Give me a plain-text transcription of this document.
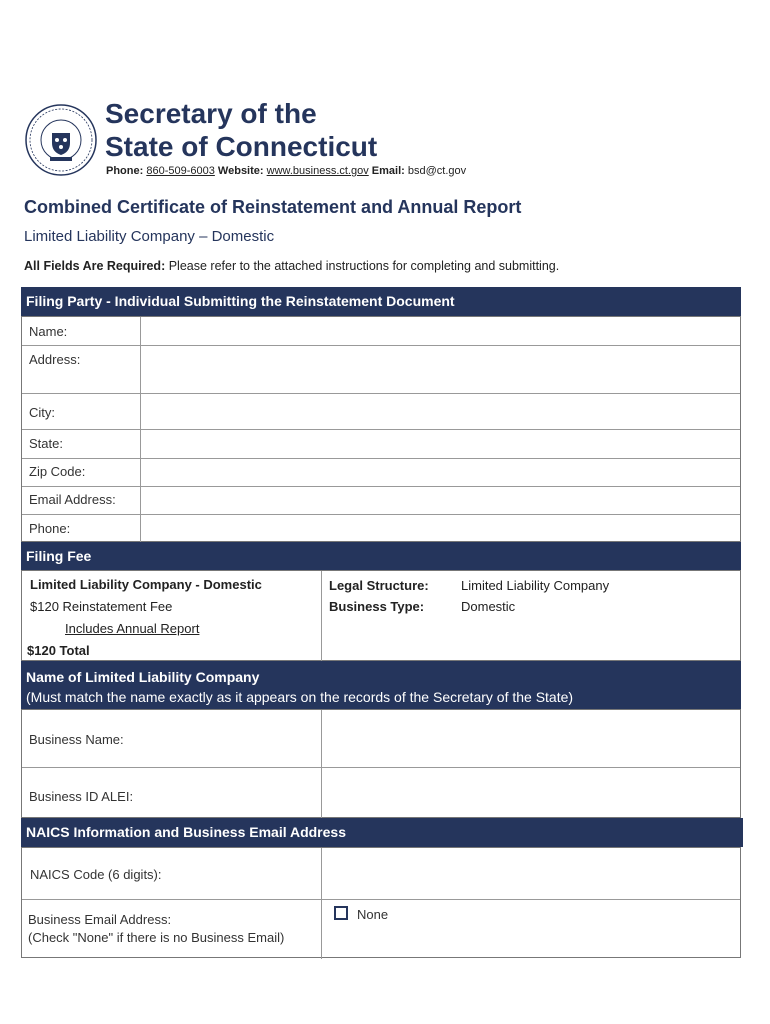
Secretary of the
State of Connecticut
Phone: 860-509-6003 Website: www.business.ct.gov Email: bsd@ct.gov
Combined Certificate of Reinstatement and Annual Report
Limited Liability Company – Domestic
All Fields Are Required: Please refer to the attached instructions for completing and submitting.
Filing Party - Individual Submitting the Reinstatement Document
Name:
Address:
City:
State:
Zip Code:
Email Address:
Phone:
Filing Fee
Limited Liability Company - Domestic
$120 Reinstatement Fee
Includes Annual Report
$120 Total
Legal Structure: Limited Liability Company
Business Type:	Domestic
Name of Limited Liability Company
(Must match the name exactly as it appears on the records of the Secretary of the State)
Business Name:
Business ID ALEI:
NAICS Information and Business Email Address
NAICS Code (6 digits):
Business Email Address:
(Check "None" if there is no Business Email)
None
